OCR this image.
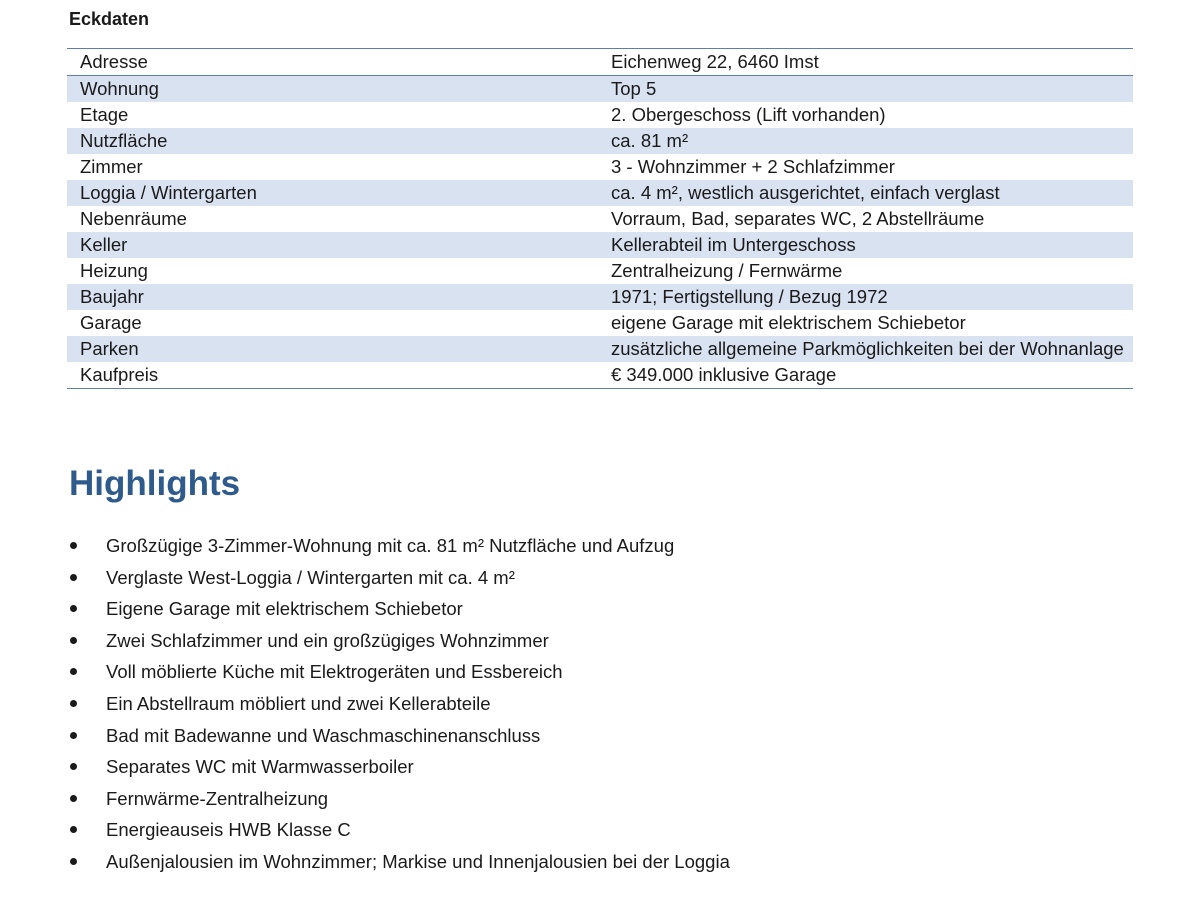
Eckdaten
Adresse	Eichenweg 22, 6460 Imst
Wohnung	Top 5
Etage	2. Obergeschoss (Lift vorhanden)
Nutzfläche	ca. 81 m²
Zimmer	3 - Wohnzimmer + 2 Schlafzimmer
Loggia / Wintergarten	ca. 4 m², westlich ausgerichtet, einfach verglast
Nebenräume	Vorraum, Bad, separates WC, 2 Abstellräume
Keller	Kellerabteil im Untergeschoss
Heizung	Zentralheizung / Fernwärme
Baujahr	1971; Fertigstellung / Bezug 1972
Garage	eigene Garage mit elektrischem Schiebetor
Parken	zusätzliche allgemeine Parkmöglichkeiten bei der Wohnanlage
Kaufpreis	€ 349.000 inklusive Garage
Highlights
Großzügige 3-Zimmer-Wohnung mit ca. 81 m² Nutzfläche und Aufzug
Verglaste West-Loggia / Wintergarten mit ca. 4 m²
Eigene Garage mit elektrischem Schiebetor
Zwei Schlafzimmer und ein großzügiges Wohnzimmer
Voll möblierte Küche mit Elektrogeräten und Essbereich
Ein Abstellraum möbliert und zwei Kellerabteile
Bad mit Badewanne und Waschmaschinenanschluss
Separates WC mit Warmwasserboiler
Fernwärme-Zentralheizung
Energieauseis HWB Klasse C
Außenjalousien im Wohnzimmer; Markise und Innenjalousien bei der Loggia
